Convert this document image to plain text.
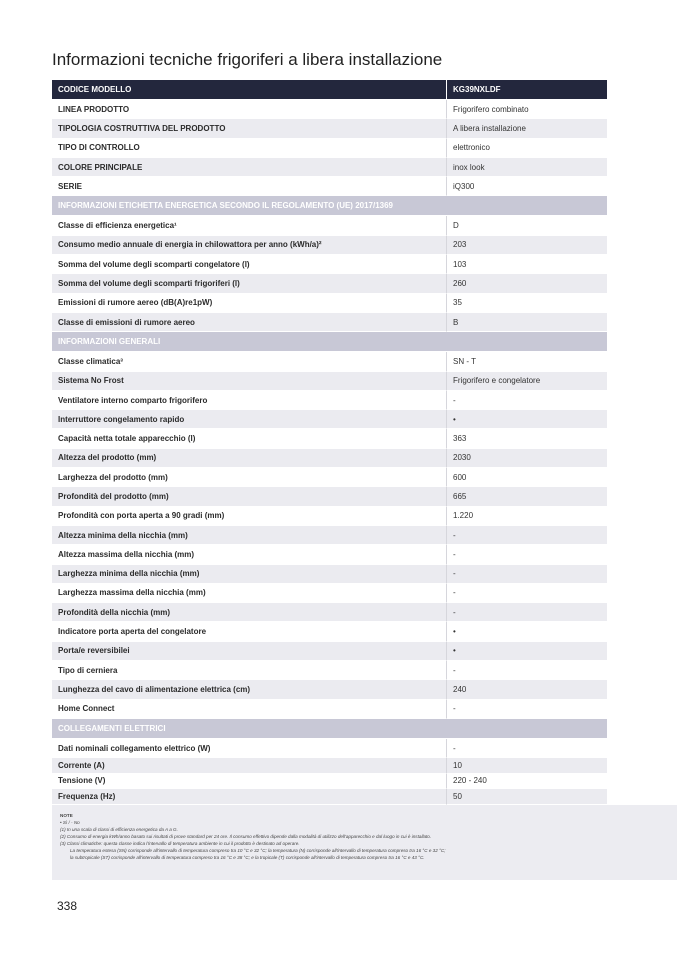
Informazioni tecniche frigoriferi a libera installazione
CODICE MODELLO	KG39NXLDF
LINEA PRODOTTO	Frigorifero combinato
TIPOLOGIA COSTRUTTIVA DEL PRODOTTO	A libera installazione
TIPO DI CONTROLLO	elettronico
COLORE PRINCIPALE	inox look
SERIE	iQ300
INFORMAZIONI ETICHETTA ENERGETICA SECONDO IL REGOLAMENTO (UE) 2017/1369	
Classe di efficienza energetica¹	D
Consumo medio annuale di energia in chilowattora per anno (kWh/a)²	203
Somma del volume degli scomparti congelatore (l)	103
Somma del volume degli scomparti frigoriferi (l)	260
Emissioni di rumore aereo (dB(A)re1pW)	35
Classe di emissioni di rumore aereo	B
INFORMAZIONI GENERALI	
Classe climatica³	SN - T
Sistema No Frost	Frigorifero e congelatore
Ventilatore interno comparto frigorifero	-
Interruttore congelamento rapido	•
Capacità netta totale apparecchio (l)	363
Altezza del prodotto (mm)	2030
Larghezza del prodotto (mm)	600
Profondità del prodotto (mm)	665
Profondità con porta aperta a 90 gradi (mm)	1.220
Altezza minima della nicchia (mm)	-
Altezza massima della nicchia (mm)	-
Larghezza minima della nicchia (mm)	-
Larghezza massima della nicchia (mm)	-
Profondità della nicchia (mm)	-
Indicatore porta aperta del congelatore	•
Porta/e reversibilei	•
Tipo di cerniera	-
Lunghezza del cavo di alimentazione elettrica (cm)	240
Home Connect	-
COLLEGAMENTI ELETTRICI	
Dati nominali collegamento elettrico (W)	-
Corrente (A)	10
Tensione (V)	220 - 240
Frequenza (Hz)	50
NOTE
• Sì / - No
(1) In una scala di classi di efficienza energetica da A a G.
(2) Consumo di energia kWh/anno basato sui risultati di prove standard per 24 ore. Il consumo effettivo dipende dalla modalità di utilizzo dell'apparecchio e dal luogo in cui è installato.
(3) Classi climatiche: questa classe indica l'intervallo di temperatura ambiente in cui il prodotto è destinato ad operare.
La temperatura estesa (SN) corrisponde all'intervallo di temperatura compreso tra 10 °C e 32 °C; la temperatura (N) corrisponde all'intervallo di temperatura compreso tra 16 °C e 32 °C;
la subtropicale (ST) corrisponde all'intervallo di temperatura compreso tra 16 °C e 38 °C; e la tropicale (T) corrisponde all'intervallo di temperatura compreso tra 16 °C e 43 °C.
338
